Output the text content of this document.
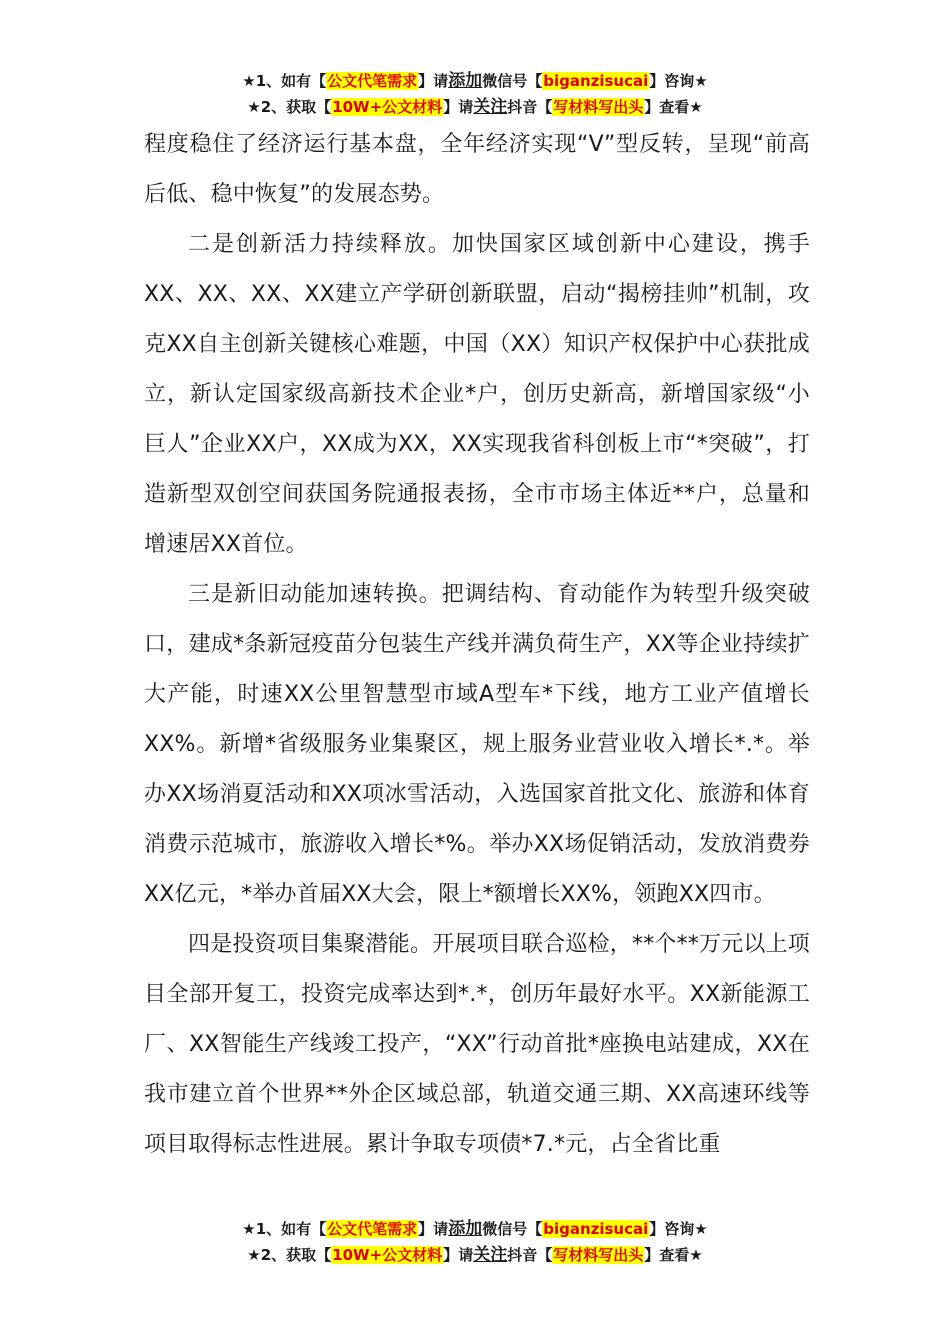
★1、如有【公文代笔需求】请添加微信号【biganzisucai】咨询★
★2、获取【10W+公文材料】请关注抖音【写材料写出头】查看★

程度稳住了经济运行基本盘，全年经济实现“V”型反转，呈现“前高后低、稳中恢复”的发展态势。

二是创新活力持续释放。加快国家区域创新中心建设，携手XX、XX、XX、XX建立产学研创新联盟，启动“揭榜挂帅”机制，攻克XX自主创新关键核心难题，中国（XX）知识产权保护中心获批成立，新认定国家级高新技术企业*户，创历史新高，新增国家级“小巨人”企业XX户，XX成为XX，XX实现我省科创板上市“*突破”，打造新型双创空间获国务院通报表扬，全市市场主体近**户，总量和增速居XX首位。

三是新旧动能加速转换。把调结构、育动能作为转型升级突破口，建成*条新冠疫苗分包装生产线并满负荷生产，XX等企业持续扩大产能，时速XX公里智慧型市域A型车*下线，地方工业产值增长XX%。新增*省级服务业集聚区，规上服务业营业收入增长*.*。举办XX场消夏活动和XX项冰雪活动，入选国家首批文化、旅游和体育消费示范城市，旅游收入增长*%。举办XX场促销活动，发放消费券XX亿元，*举办首届XX大会，限上*额增长XX%，领跑XX四市。

四是投资项目集聚潜能。开展项目联合巡检，**个**万元以上项目全部开复工，投资完成率达到*.*，创历年最好水平。XX新能源工厂、XX智能生产线竣工投产，“XX”行动首批*座换电站建成，XX在我市建立首个世界**外企区域总部，轨道交通三期、XX高速环线等项目取得标志性进展。累计争取专项债*7.*元，占全省比重

★1、如有【公文代笔需求】请添加微信号【biganzisucai】咨询★
★2、获取【10W+公文材料】请关注抖音【写材料写出头】查看★
